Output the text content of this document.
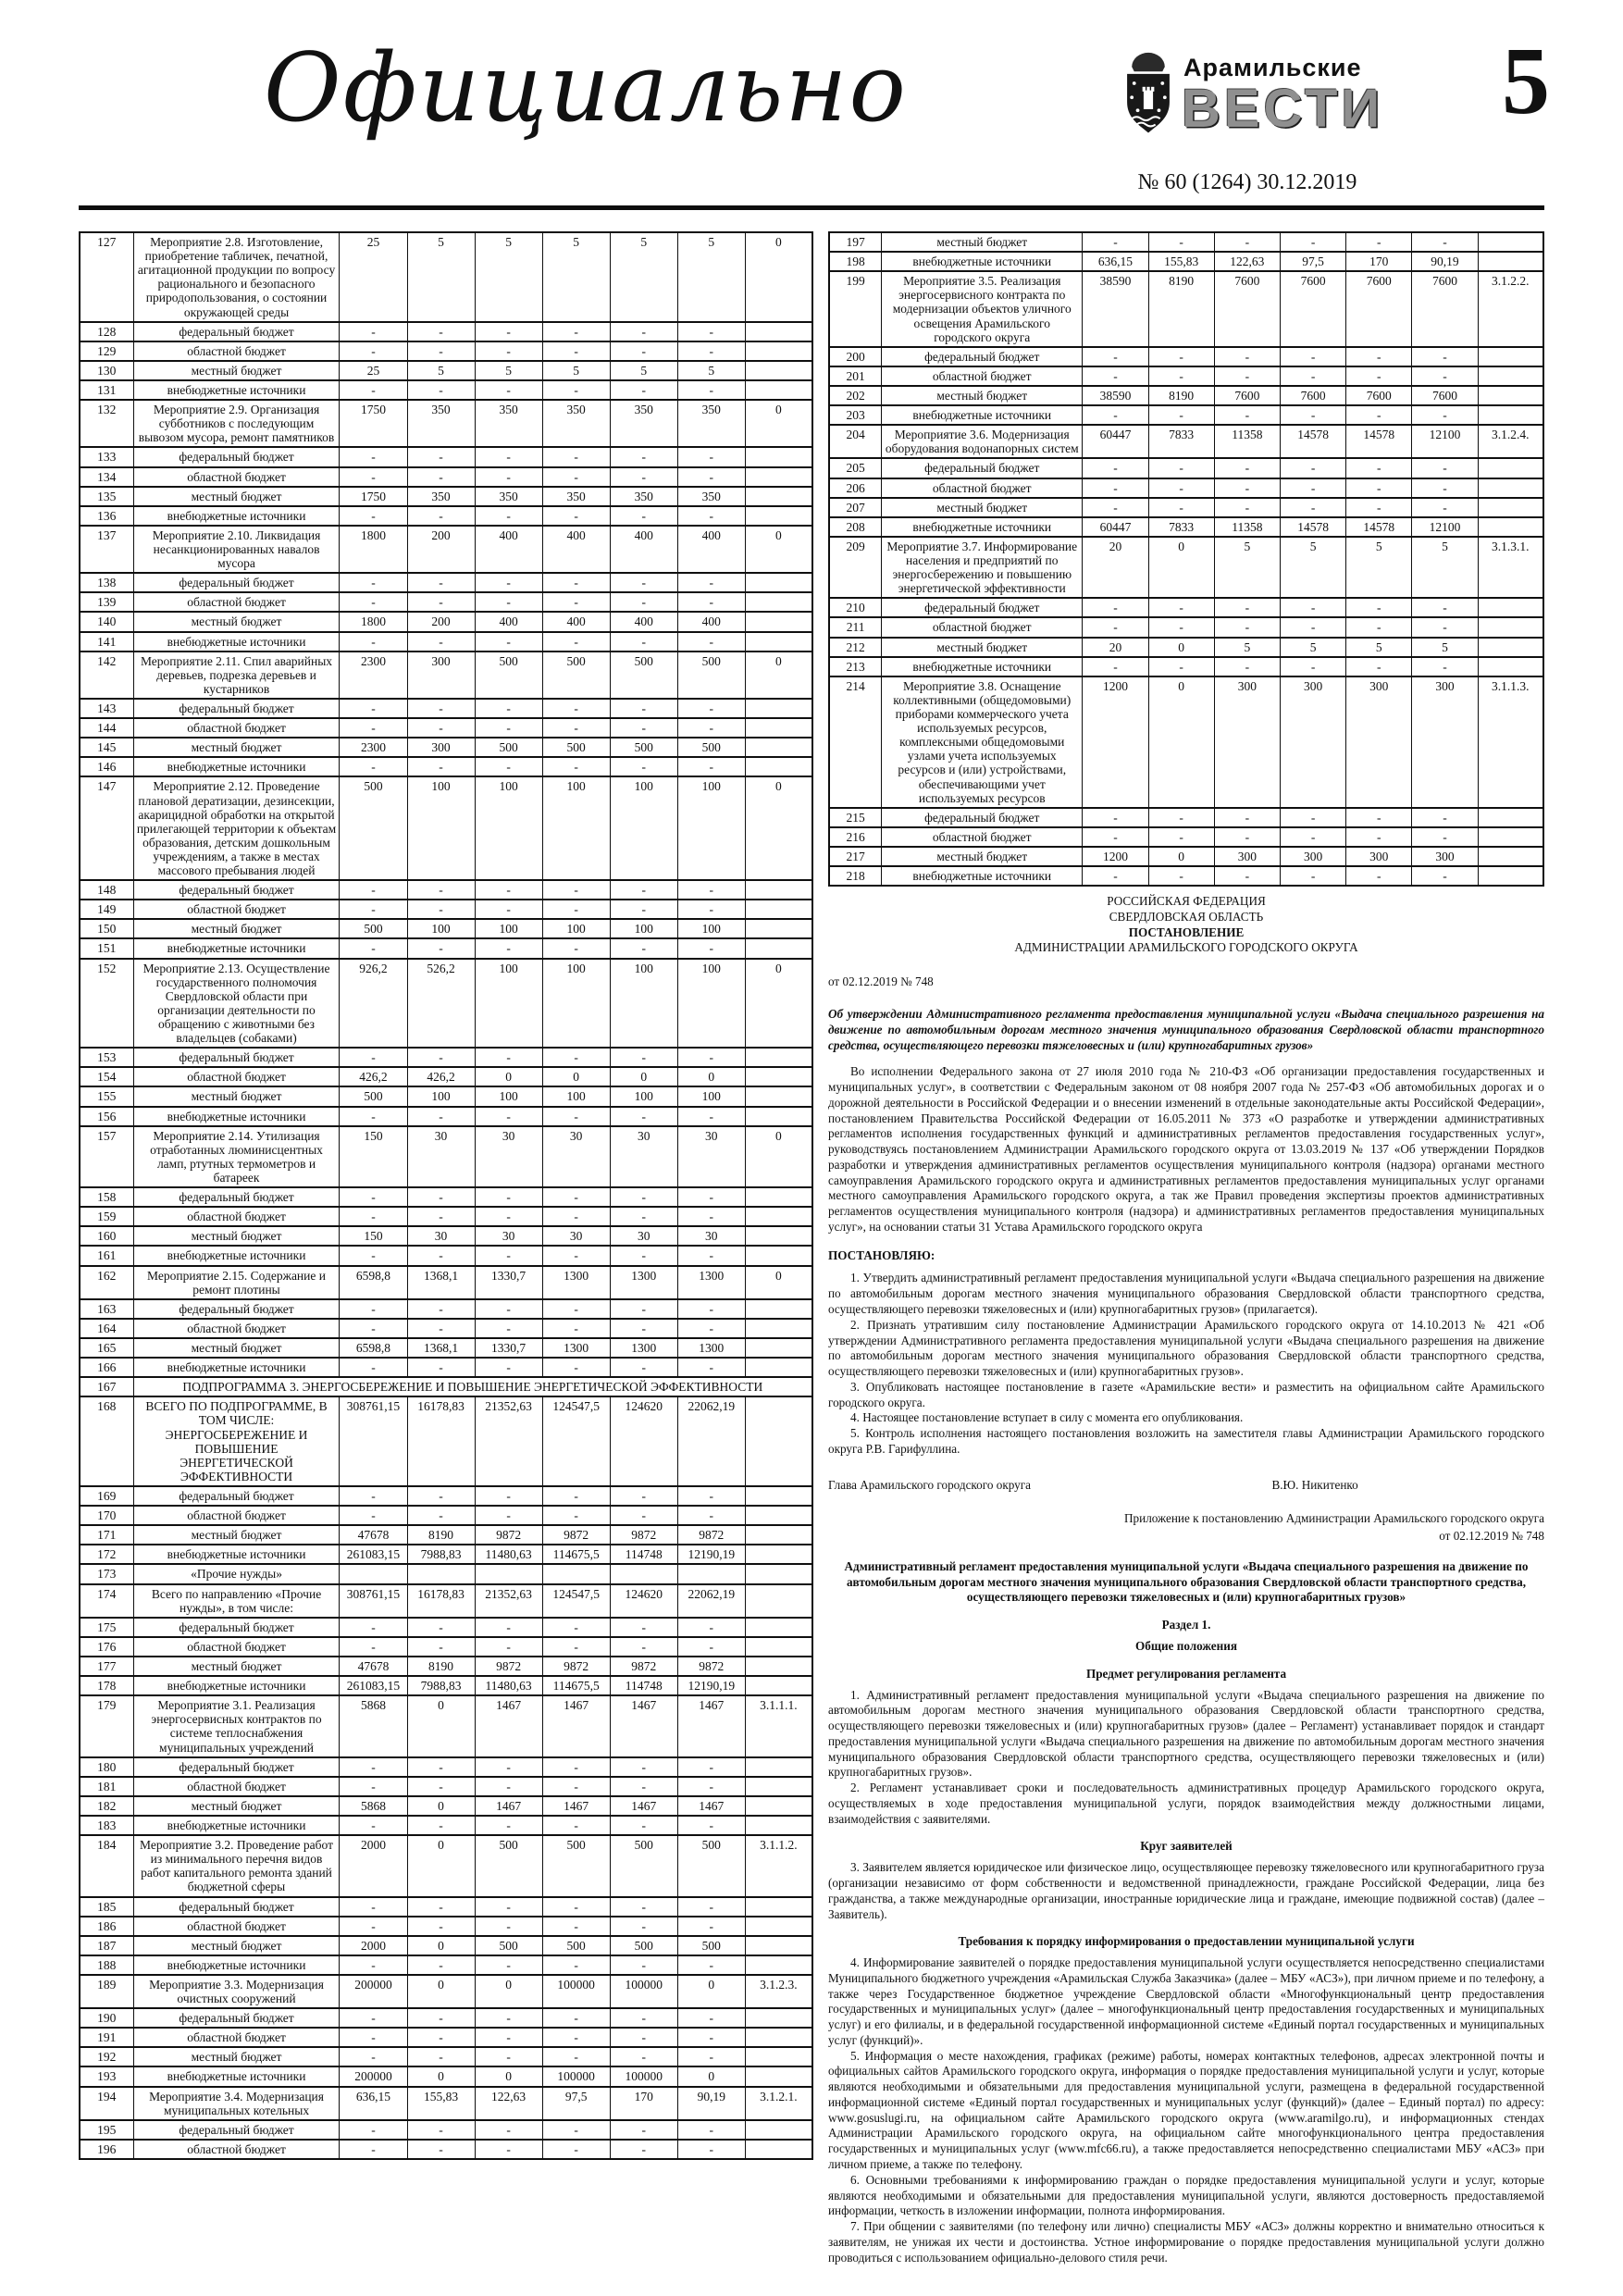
Официально	Арамильские
ВЕСТИ
№ 60 (1264) 30.12.2019
5
127	Мероприятие 2.8. Изготовление, приобретение табличек, печатной, агитационной продукции по вопросу рационального и безопасного природопользования, о состоянии окружающей среды	25	5	5	5	5	5	0
128	федеральный бюджет	-	-	-	-	-	-	
129	областной бюджет	-	-	-	-	-	-	
130	местный бюджет	25	5	5	5	5	5	
131	внебюджетные источники	-	-	-	-	-	-	
132	Мероприятие 2.9. Организация субботников с последующим вывозом мусора, ремонт памятников	1750	350	350	350	350	350	0
133	федеральный бюджет	-	-	-	-	-	-	
134	областной бюджет	-	-	-	-	-	-	
135	местный бюджет	1750	350	350	350	350	350	
136	внебюджетные источники	-	-	-	-	-	-	
137	Мероприятие 2.10. Ликвидация несанкционированных навалов мусора	1800	200	400	400	400	400	0
138	федеральный бюджет	-	-	-	-	-	-	
139	областной бюджет	-	-	-	-	-	-	
140	местный бюджет	1800	200	400	400	400	400	
141	внебюджетные источники	-	-	-	-	-	-	
142	Мероприятие 2.11. Спил аварийных деревьев, подрезка деревьев и кустарников	2300	300	500	500	500	500	0
143	федеральный бюджет	-	-	-	-	-	-	
144	областной бюджет	-	-	-	-	-	-	
145	местный бюджет	2300	300	500	500	500	500	
146	внебюджетные источники	-	-	-	-	-	-	
147	Мероприятие 2.12. Проведение плановой дератизации, дезинсекции, акарицидной обработки на открытой прилегающей территории к объектам образования, детским дошкольным учреждениям, а также в местах массового пребывания людей	500	100	100	100	100	100	0
148	федеральный бюджет	-	-	-	-	-	-	
149	областной бюджет	-	-	-	-	-	-	
150	местный бюджет	500	100	100	100	100	100	
151	внебюджетные источники	-	-	-	-	-	-	
152	Мероприятие 2.13. Осуществление государственного полномочия Свердловской области при организации деятельности по обращению с животными без владельцев (собаками)	926,2	526,2	100	100	100	100	0
153	федеральный бюджет	-	-	-	-	-	-	
154	областной бюджет	426,2	426,2	0	0	0	0	
155	местный бюджет	500	100	100	100	100	100	
156	внебюджетные источники	-	-	-	-	-	-	
157	Мероприятие 2.14. Утилизация отработанных люминисцентных ламп, ртутных термометров и батареек	150	30	30	30	30	30	0
158	федеральный бюджет	-	-	-	-	-	-	
159	областной бюджет	-	-	-	-	-	-	
160	местный бюджет	150	30	30	30	30	30	
161	внебюджетные источники	-	-	-	-	-	-	
162	Мероприятие 2.15. Содержание и ремонт плотины	6598,8	1368,1	1330,7	1300	1300	1300	0
163	федеральный бюджет	-	-	-	-	-	-	
164	областной бюджет	-	-	-	-	-	-	
165	местный бюджет	6598,8	1368,1	1330,7	1300	1300	1300	
166	внебюджетные источники	-	-	-	-	-	-	
167	ПОДПРОГРАММА 3. ЭНЕРГОСБЕРЕЖЕНИЕ И ПОВЫШЕНИЕ ЭНЕРГЕТИЧЕСКОЙ ЭФФЕКТИВНОСТИ							
168	ВСЕГО ПО ПОДПРОГРАММЕ, В ТОМ ЧИСЛЕ: ЭНЕРГОСБЕРЕЖЕНИЕ И ПОВЫШЕНИЕ ЭНЕРГЕТИЧЕСКОЙ ЭФФЕКТИВНОСТИ	308761,15	16178,83	21352,63	124547,5	124620	22062,19	
169	федеральный бюджет	-	-	-	-	-	-	
170	областной бюджет	-	-	-	-	-	-	
171	местный бюджет	47678	8190	9872	9872	9872	9872	
172	внебюджетные источники	261083,15	7988,83	11480,63	114675,5	114748	12190,19	
173	«Прочие нужды»							
174	Всего по направлению «Прочие нужды», в том числе:	308761,15	16178,83	21352,63	124547,5	124620	22062,19	
175	федеральный бюджет	-	-	-	-	-	-	
176	областной бюджет	-	-	-	-	-	-	
177	местный бюджет	47678	8190	9872	9872	9872	9872	
178	внебюджетные источники	261083,15	7988,83	11480,63	114675,5	114748	12190,19	
179	Мероприятие 3.1. Реализация энергосервисных контрактов по системе теплоснабжения муниципальных учреждений	5868	0	1467	1467	1467	1467	3.1.1.1.
180	федеральный бюджет	-	-	-	-	-	-	
181	областной бюджет	-	-	-	-	-	-	
182	местный бюджет	5868	0	1467	1467	1467	1467	
183	внебюджетные источники	-	-	-	-	-	-	
184	Мероприятие 3.2. Проведение работ из минимального перечня видов работ капитального ремонта зданий бюджетной сферы	2000	0	500	500	500	500	3.1.1.2.
185	федеральный бюджет	-	-	-	-	-	-	
186	областной бюджет	-	-	-	-	-	-	
187	местный бюджет	2000	0	500	500	500	500	
188	внебюджетные источники	-	-	-	-	-	-	
189	Мероприятие 3.3. Модернизация очистных сооружений	200000	0	0	100000	100000	0	3.1.2.3.
190	федеральный бюджет	-	-	-	-	-	-	
191	областной бюджет	-	-	-	-	-	-	
192	местный бюджет	-	-	-	-	-	-	
193	внебюджетные источники	200000	0	0	100000	100000	0	
194	Мероприятие 3.4. Модернизация муниципальных котельных	636,15	155,83	122,63	97,5	170	90,19	3.1.2.1.
195	федеральный бюджет	-	-	-	-	-	-	
196	областной бюджет	-	-	-	-	-	-	
197	местный бюджет	-	-	-	-	-	-	
198	внебюджетные источники	636,15	155,83	122,63	97,5	170	90,19	
199	Мероприятие 3.5. Реализация энергосервисного контракта по модернизации объектов уличного освещения Арамильского городского округа	38590	8190	7600	7600	7600	7600	3.1.2.2.
200	федеральный бюджет	-	-	-	-	-	-	
201	областной бюджет	-	-	-	-	-	-	
202	местный бюджет	38590	8190	7600	7600	7600	7600	
203	внебюджетные источники	-	-	-	-	-	-	
204	Мероприятие 3.6. Модернизация оборудования водонапорных систем	60447	7833	11358	14578	14578	12100	3.1.2.4.
205	федеральный бюджет	-	-	-	-	-	-	
206	областной бюджет	-	-	-	-	-	-	
207	местный бюджет	-	-	-	-	-	-	
208	внебюджетные источники	60447	7833	11358	14578	14578	12100	
209	Мероприятие 3.7. Информирование населения и предприятий по энергосбережению и повышению энергетической эффективности	20	0	5	5	5	5	3.1.3.1.
210	федеральный бюджет	-	-	-	-	-	-	
211	областной бюджет	-	-	-	-	-	-	
212	местный бюджет	20	0	5	5	5	5	
213	внебюджетные источники	-	-	-	-	-	-	
214	Мероприятие 3.8. Оснащение коллективными (общедомовыми) приборами коммерческого учета используемых ресурсов, комплексными общедомовыми узлами учета используемых ресурсов и (или) устройствами, обеспечивающими учет используемых ресурсов	1200	0	300	300	300	300	3.1.1.3.
215	федеральный бюджет	-	-	-	-	-	-	
216	областной бюджет	-	-	-	-	-	-	
217	местный бюджет	1200	0	300	300	300	300	
218	внебюджетные источники	-	-	-	-	-	-	
РОССИЙСКАЯ ФЕДЕРАЦИЯ
СВЕРДЛОВСКАЯ ОБЛАСТЬ
ПОСТАНОВЛЕНИЕ
АДМИНИСТРАЦИИ АРАМИЛЬСКОГО ГОРОДСКОГО ОКРУГА
от 02.12.2019 № 748
Об утверждении Административного регламента предоставления муниципальной услуги «Выдача специального разрешения на движение по автомобильным дорогам местного значения муниципального образования Свердловской области транспортного средства, осуществляющего перевозки тяжеловесных и (или) крупногабаритных грузов»
Во исполнении Федерального закона от 27 июля 2010 года № 210-ФЗ «Об организации предоставления государственных и муниципальных услуг», в соответствии с Федеральным законом от 08 ноября 2007 года № 257-ФЗ «Об автомобильных дорогах и о дорожной деятельности в Российской Федерации и о внесении изменений в отдельные законодательные акты Российской Федерации», постановлением Правительства Российской Федерации от 16.05.2011 № 373 «О разработке и утверждении административных регламентов исполнения государственных функций и административных регламентов предоставления государственных услуг», руководствуясь постановлением Администрации Арамильского городского округа от 13.03.2019 № 137 «Об утверждении Порядков разработки и утверждения административных регламентов осуществления муниципального контроля (надзора) органами местного самоуправления Арамильского городского округа и административных регламентов предоставления муниципальных услуг органами местного самоуправления Арамильского городского округа, а так же Правил проведения экспертизы проектов административных регламентов осуществления муниципального контроля (надзора) и административных регламентов предоставления муниципальных услуг», на основании статьи 31 Устава Арамильского городского округа
ПОСТАНОВЛЯЮ:
1. Утвердить административный регламент предоставления муниципальной услуги «Выдача специального разрешения на движение по автомобильным дорогам местного значения муниципального образования Свердловской области транспортного средства, осуществляющего перевозки тяжеловесных и (или) крупногабаритных грузов» (прилагается).
2. Признать утратившим силу постановление Администрации Арамильского городского округа от 14.10.2013 № 421 «Об утверждении Административного регламента предоставления муниципальной услуги «Выдача специального разрешения на движение по автомобильным дорогам местного значения муниципального образования Свердловской области транспортного средства, осуществляющего перевозки тяжеловесных и (или) крупногабаритных грузов».
3. Опубликовать настоящее постановление в газете «Арамильские вести» и разместить на официальном сайте Арамильского городского округа.
4. Настоящее постановление вступает в силу с момента его опубликования.
5. Контроль исполнения настоящего постановления возложить на заместителя главы Администрации Арамильского городского округа Р.В. Гарифуллина.
Глава Арамильского городского округа	В.Ю. Никитенко
Приложение к постановлению Администрации Арамильского городского округа
от 02.12.2019 № 748
Административный регламент предоставления муниципальной услуги «Выдача специального разрешения на движение по автомобильным дорогам местного значения муниципального образования Свердловской области транспортного средства, осуществляющего перевозки тяжеловесных и (или) крупногабаритных грузов»
Раздел 1.
Общие положения
Предмет регулирования регламента
1. Административный регламент предоставления муниципальной услуги «Выдача специального разрешения на движение по автомобильным дорогам местного значения муниципального образования Свердловской области транспортного средства, осуществляющего перевозки тяжеловесных и (или) крупногабаритных грузов» (далее – Регламент) устанавливает порядок и стандарт предоставления муниципальной услуги «Выдача специального разрешения на движение по автомобильным дорогам местного значения муниципального образования Свердловской области транспортного средства, осуществляющего перевозки тяжеловесных и (или) крупногабаритных грузов».
2. Регламент устанавливает сроки и последовательность административных процедур Арамильского городского округа, осуществляемых в ходе предоставления муниципальной услуги, порядок взаимодействия между должностными лицами, взаимодействия с заявителями.
Круг заявителей
3. Заявителем является юридическое или физическое лицо, осуществляющее перевозку тяжеловесного или крупногабаритного груза (организации независимо от форм собственности и ведомственной принадлежности, граждане Российской Федерации, лица без гражданства, а также международные организации, иностранные юридические лица и граждане, имеющие подвижной состав) (далее – Заявитель).
Требования к порядку информирования о предоставлении муниципальной услуги
4. Информирование заявителей о порядке предоставления муниципальной услуги осуществляется непосредственно специалистами Муниципального бюджетного учреждения «Арамильская Служба Заказчика» (далее – МБУ «АСЗ»), при личном приеме и по телефону, а также через Государственное бюджетное учреждение Свердловской области «Многофункциональный центр предоставления государственных и муниципальных услуг» (далее – многофункциональный центр предоставления государственных и муниципальных услуг) и его филиалы, и в федеральной государственной информационной системе «Единый портал государственных и муниципальных услуг (функций)».
5. Информация о месте нахождения, графиках (режиме) работы, номерах контактных телефонов, адресах электронной почты и официальных сайтов Арамильского городского округа, информация о порядке предоставления муниципальной услуги и услуг, которые являются необходимыми и обязательными для предоставления муниципальной услуги, размещена в федеральной государственной информационной системе «Единый портал государственных и муниципальных услуг (функций)» (далее – Единый портал) по адресу: www.gosuslugi.ru, на официальном сайте Арамильского городского округа (www.aramilgo.ru), и информационных стендах Администрации Арамильского городского округа, на официальном сайте многофункционального центра предоставления государственных и муниципальных услуг (www.mfc66.ru), а также предоставляется непосредственно специалистами МБУ «АСЗ» при личном приеме, а также по телефону.
6. Основными требованиями к информированию граждан о порядке предоставления муниципальной услуги и услуг, которые являются необходимыми и обязательными для предоставления муниципальной услуги, являются достоверность предоставляемой информации, четкость в изложении информации, полнота информирования.
7. При общении с заявителями (по телефону или лично) специалисты МБУ «АСЗ» должны корректно и внимательно относиться к заявителям, не унижая их чести и достоинства. Устное информирование о порядке предоставления муниципальной услуги должно проводиться с использованием официально-делового стиля речи.
